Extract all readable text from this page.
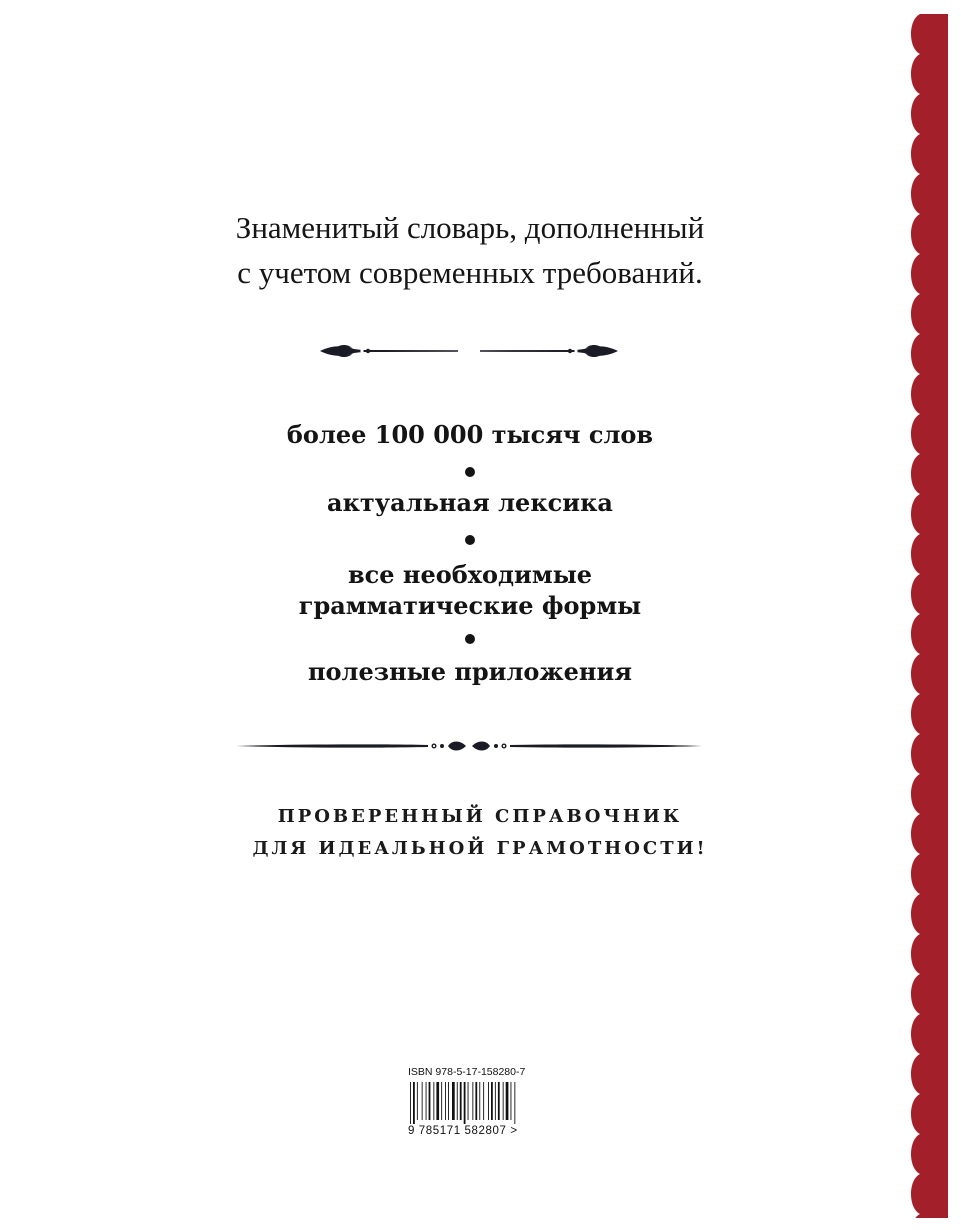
Знаменитый словарь, дополненный
с учетом современных требований.
более 100 000 тысяч слов
актуальная лексика
все необходимые
грамматические формы
полезные приложения
ПРОВЕРЕННЫЙ СПРАВОЧНИК
ДЛЯ ИДЕАЛЬНОЙ ГРАМОТНОСТИ!
ISBN 978-5-17-158280-7
9 785171 582807 >
